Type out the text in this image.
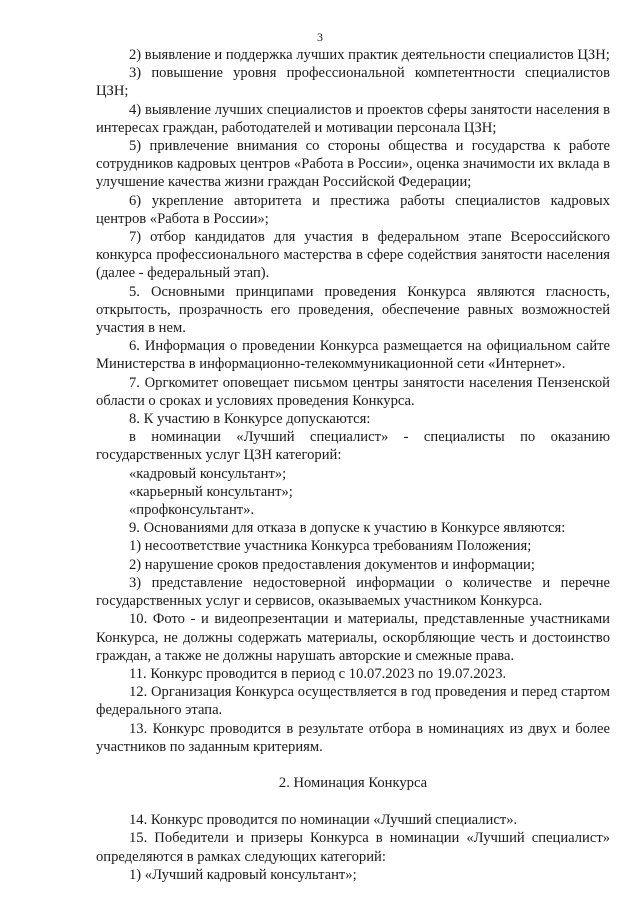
3

2) выявление и поддержка лучших практик деятельности специалистов ЦЗН;

3) повышение уровня профессиональной компетентности специалистов ЦЗН;

4) выявление лучших специалистов и проектов сферы занятости населения в интересах граждан, работодателей и мотивации персонала ЦЗН;

5) привлечение внимания со стороны общества и государства к работе сотрудников кадровых центров «Работа в России», оценка значимости их вклада в улучшение качества жизни граждан Российской Федерации;

6) укрепление авторитета и престижа работы специалистов кадровых центров «Работа в России»;

7) отбор кандидатов для участия в федеральном этапе Всероссийского конкурса профессионального мастерства в сфере содействия занятости населения (далее - федеральный этап).

5. Основными принципами проведения Конкурса являются гласность, открытость, прозрачность его проведения, обеспечение равных возможностей участия в нем.

6. Информация о проведении Конкурса размещается на официальном сайте Министерства в информационно-телекоммуникационной сети «Интернет».

7. Оргкомитет оповещает письмом центры занятости населения Пензенской области о сроках и условиях проведения Конкурса.

8. К участию в Конкурсе допускаются:

в номинации «Лучший специалист» - специалисты по оказанию государственных услуг ЦЗН категорий:

«кадровый консультант»;

«карьерный консультант»;

«профконсультант».

9. Основаниями для отказа в допуске к участию в Конкурсе являются:

1) несоответствие участника Конкурса требованиям Положения;

2) нарушение сроков предоставления документов и информации;

3) представление недостоверной информации о количестве и перечне государственных услуг и сервисов, оказываемых участником Конкурса.

10. Фото - и видеопрезентации и материалы, представленные участниками Конкурса, не должны содержать материалы, оскорбляющие честь и достоинство граждан, а также не должны нарушать авторские и смежные права.

11. Конкурс проводится в период с 10.07.2023 по 19.07.2023.

12. Организация Конкурса осуществляется в год проведения и перед стартом федерального этапа.

13. Конкурс проводится в результате отбора в номинациях из двух и более участников по заданным критериям.

2. Номинация Конкурса

14. Конкурс проводится по номинации «Лучший специалист».

15. Победители и призеры Конкурса в номинации «Лучший специалист» определяются в рамках следующих категорий:

1) «Лучший кадровый консультант»;
